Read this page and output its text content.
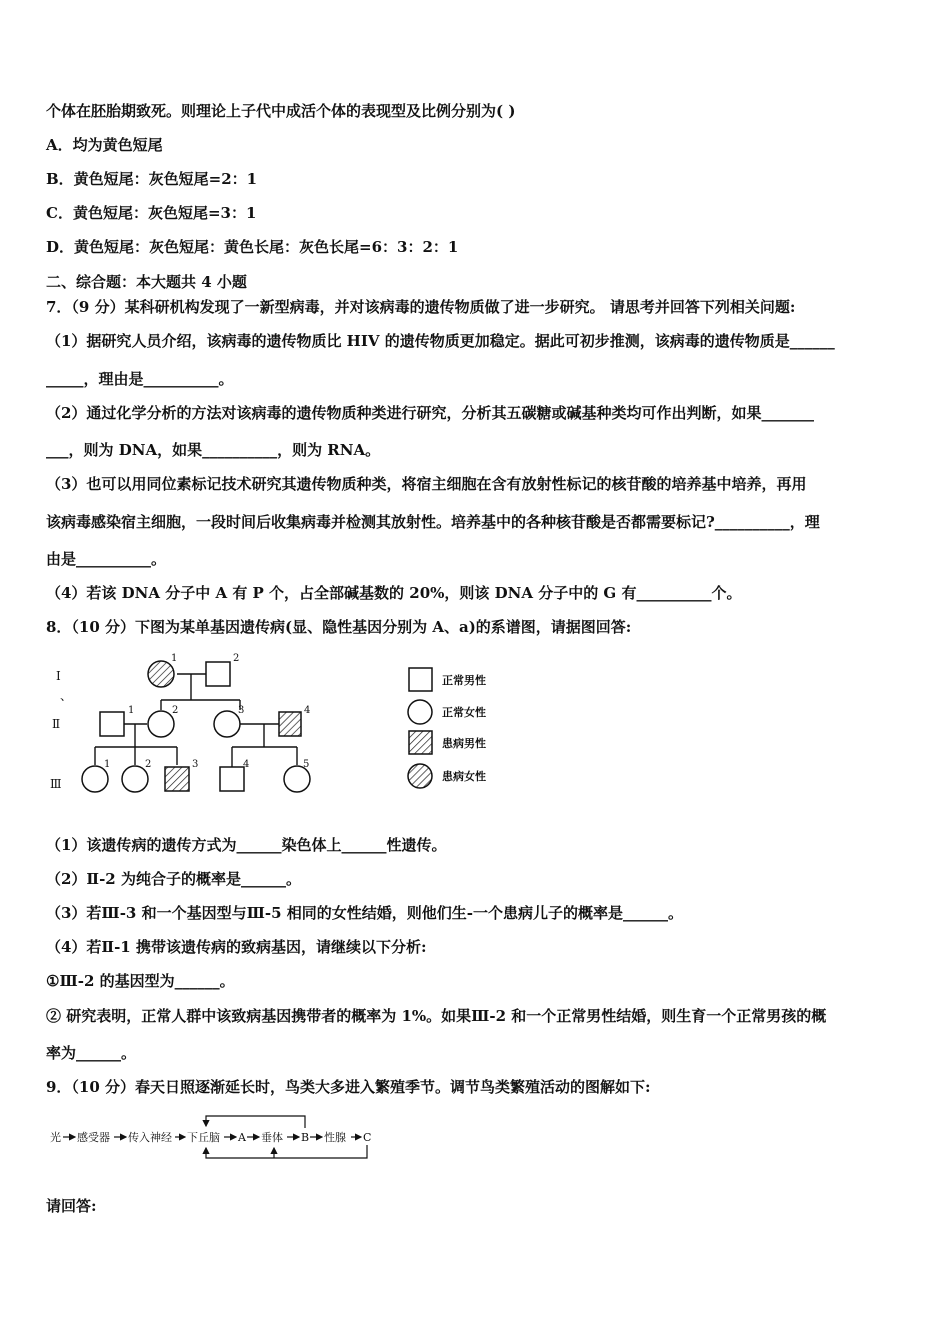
个体在胚胎期致死。则理论上子代中成活个体的表现型及比例分别为( )
A．均为黄色短尾
B．黄色短尾：灰色短尾=2：1
C．黄色短尾：灰色短尾=3：1
D．黄色短尾：灰色短尾：黄色长尾：灰色长尾=6：3：2：1
二、综合题：本大题共 4 小题
7．（9 分）某科研机构发现了一新型病毒，并对该病毒的遗传物质做了进一步研究。 请思考并回答下列相关问题:
（1）据研究人员介绍，该病毒的遗传物质比 HIV 的遗传物质更加稳定。据此可初步推测，该病毒的遗传物质是______
_____，理由是__________。
（2）通过化学分析的方法对该病毒的遗传物质种类进行研究，分析其五碳糖或碱基种类均可作出判断，如果_______
___，则为 DNA，如果__________，则为 RNA。
（3）也可以用同位素标记技术研究其遗传物质种类，将宿主细胞在含有放射性标记的核苷酸的培养基中培养，再用
该病毒感染宿主细胞，一段时间后收集病毒并检测其放射性。培养基中的各种核苷酸是否都需要标记?__________，理
由是__________。
（4）若该 DNA 分子中 A 有 P 个，占全部碱基数的 20%，则该 DNA 分子中的 G 有__________个。
8．（10 分）下图为某单基因遗传病(显、隐性基因分别为 A、a)的系谱图，请据图回答:
Ⅰ
、
Ⅱ
Ⅲ
1	2
1	2	3	4
1	2	3	4	5
正常男性
正常女性
患病男性
患病女性
（1）该遗传病的遗传方式为______染色体上______性遗传。
（2）Ⅱ-2 为纯合子的概率是______。
（3）若Ⅲ-3 和一个基因型与Ⅲ-5 相同的女性结婚，则他们生-一个患病儿子的概率是______。
（4）若Ⅱ-1 携带该遗传病的致病基因，请继续以下分析:
①Ⅲ-2 的基因型为______。
② 研究表明，正常人群中该致病基因携带者的概率为 1%。如果Ⅲ-2 和一个正常男性结婚，则生育一个正常男孩的概
率为______。
9．（10 分）春天日照逐渐延长时，鸟类大多进入繁殖季节。调节鸟类繁殖活动的图解如下:
光 感受器 传入神经 下丘脑 A 垂体 B 性腺 C
请回答:
